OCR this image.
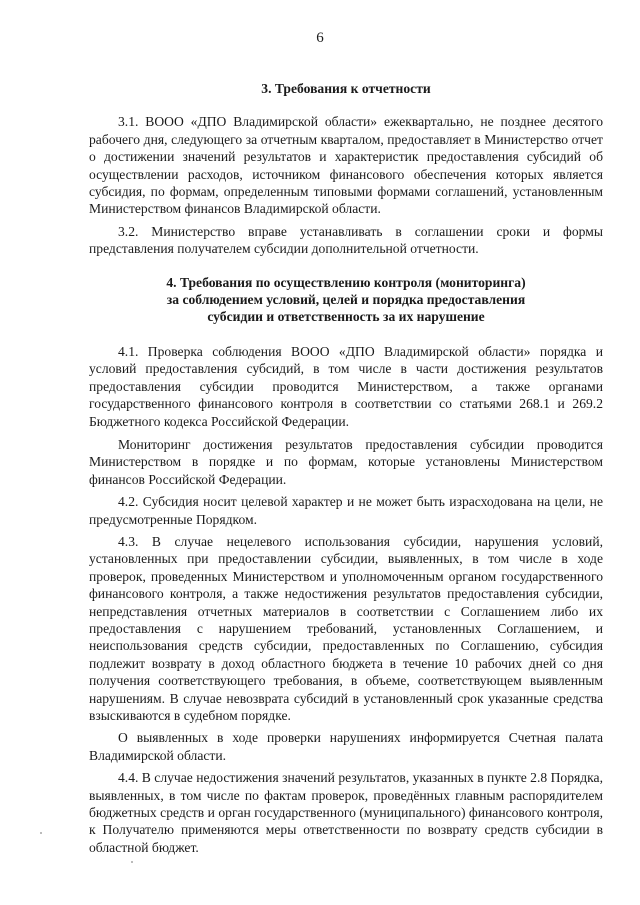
6
3. Требования к отчетности

3.1. ВООО «ДПО Владимирской области» ежеквартально, не позднее десятого рабочего дня, следующего за отчетным кварталом, предоставляет в Министерство отчет о достижении значений результатов и характеристик предоставления субсидий об осуществлении расходов, источником финансового обеспечения которых является субсидия, по формам, определенным типовыми формами соглашений, установленным Министерством финансов Владимирской области.

3.2. Министерство вправе устанавливать в соглашении сроки и формы представления получателем субсидии дополнительной отчетности.

4. Требования по осуществлению контроля (мониторинга)
за соблюдением условий, целей и порядка предоставления
субсидии и ответственность за их нарушение

4.1. Проверка соблюдения ВООО «ДПО Владимирской области» порядка и условий предоставления субсидий, в том числе в части достижения результатов предоставления субсидии проводится Министерством, а также органами государственного финансового контроля в соответствии со статьями 268.1 и 269.2 Бюджетного кодекса Российской Федерации.

Мониторинг достижения результатов предоставления субсидии проводится Министерством в порядке и по формам, которые установлены Министерством финансов Российской Федерации.

4.2. Субсидия носит целевой характер и не может быть израсходована на цели, не предусмотренные Порядком.

4.3. В случае нецелевого использования субсидии, нарушения условий, установленных при предоставлении субсидии, выявленных, в том числе в ходе проверок, проведенных Министерством и уполномоченным органом государственного финансового контроля, а также недостижения результатов предоставления субсидии, непредставления отчетных материалов в соответствии с Соглашением либо их предоставления с нарушением требований, установленных Соглашением, и неиспользования средств субсидии, предоставленных по Соглашению, субсидия подлежит возврату в доход областного бюджета в течение 10 рабочих дней со дня получения соответствующего требования, в объеме, соответствующем выявленным нарушениям. В случае невозврата субсидий в установленный срок указанные средства взыскиваются в судебном порядке.

О выявленных в ходе проверки нарушениях информируется Счетная палата Владимирской области.

4.4. В случае недостижения значений результатов, указанных в пункте 2.8 Порядка, выявленных, в том числе по фактам проверок, проведённых главным распорядителем бюджетных средств и орган государственного (муниципального) финансового контроля, к Получателю применяются меры ответственности по возврату средств субсидии в областной бюджет.
